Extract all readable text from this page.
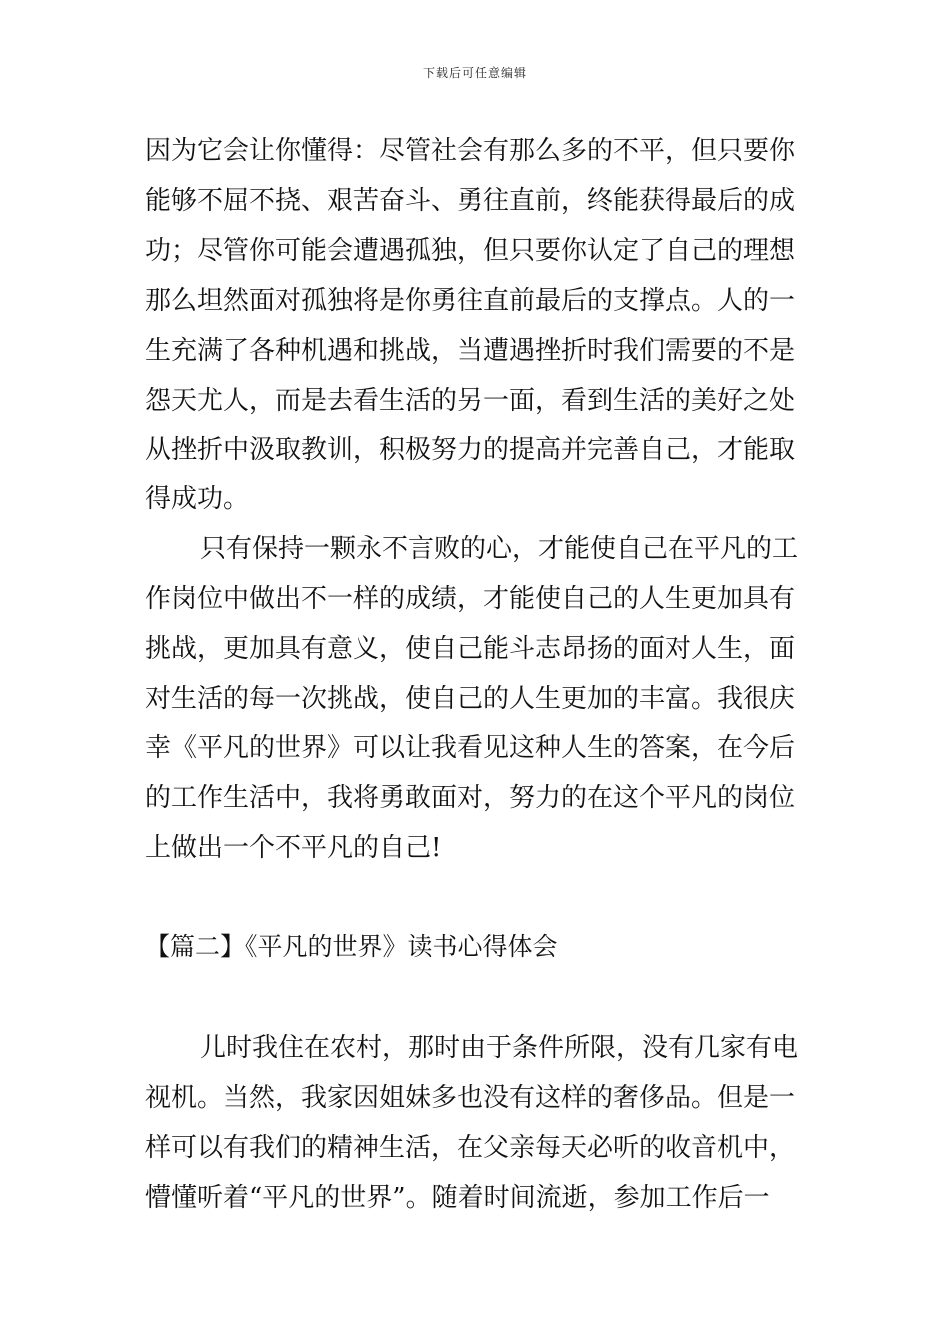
下载后可任意编辑
因为它会让你懂得：尽管社会有那么多的不平，但只要你
能够不屈不挠、艰苦奋斗、勇往直前，终能获得最后的成
功；尽管你可能会遭遇孤独，但只要你认定了自己的理想
那么坦然面对孤独将是你勇往直前最后的支撑点。人的一
生充满了各种机遇和挑战，当遭遇挫折时我们需要的不是
怨天尤人，而是去看生活的另一面，看到生活的美好之处
从挫折中汲取教训，积极努力的提高并完善自己，才能取
得成功。
只有保持一颗永不言败的心，才能使自己在平凡的工
作岗位中做出不一样的成绩，才能使自己的人生更加具有
挑战，更加具有意义，使自己能斗志昂扬的面对人生，面
对生活的每一次挑战，使自己的人生更加的丰富。我很庆
幸《平凡的世界》可以让我看见这种人生的答案，在今后
的工作生活中，我将勇敢面对，努力的在这个平凡的岗位
上做出一个不平凡的自己!
【篇二】《平凡的世界》读书心得体会
儿时我住在农村，那时由于条件所限，没有几家有电
视机。当然，我家因姐妹多也没有这样的奢侈品。但是一
样可以有我们的精神生活，在父亲每天必听的收音机中，
懵懂听着“平凡的世界”。随着时间流逝，参加工作后一
